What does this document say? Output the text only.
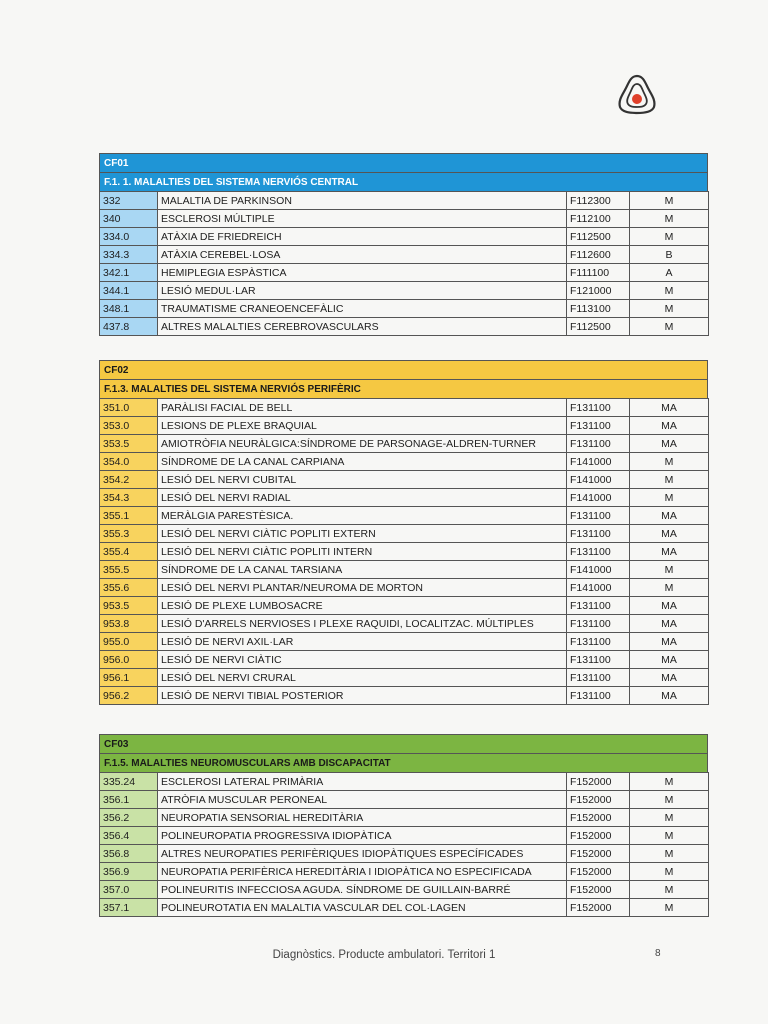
CF01
F.1. 1. MALALTIES DEL SISTEMA NERVIÓS CENTRAL
332	MALALTIA DE PARKINSON	F112300	M
340	ESCLEROSI MÚLTIPLE	F112100	M
334.0	ATÀXIA DE FRIEDREICH	F112500	M
334.3	ATÀXIA CEREBEL·LOSA	F112600	B
342.1	HEMIPLEGIA ESPÀSTICA	F111100	A
344.1	LESIÓ MEDUL·LAR	F121000	M
348.1	TRAUMATISME CRANEOENCEFÀLIC	F113100	M
437.8	ALTRES MALALTIES CEREBROVASCULARS	F112500	M
CF02
F.1.3. MALALTIES DEL SISTEMA NERVIÓS PERIFÈRIC
351.0	PARÀLISI FACIAL DE BELL	F131100	MA
353.0	LESIONS DE PLEXE BRAQUIAL	F131100	MA
353.5	AMIOTRÒFIA NEURÀLGICA:SÍNDROME DE PARSONAGE-ALDREN-TURNER	F131100	MA
354.0	SÍNDROME DE LA CANAL CARPIANA	F141000	M
354.2	LESIÓ DEL NERVI CUBITAL	F141000	M
354.3	LESIÓ DEL NERVI RADIAL	F141000	M
355.1	MERÀLGIA PARESTÈSICA.	F131100	MA
355.3	LESIÓ DEL NERVI CIÀTIC POPLITI EXTERN	F131100	MA
355.4	LESIÓ DEL NERVI CIÀTIC POPLITI INTERN	F131100	MA
355.5	SÍNDROME DE LA CANAL TARSIANA	F141000	M
355.6	LESIÓ DEL NERVI PLANTAR/NEUROMA DE MORTON	F141000	M
953.5	LESIÓ DE PLEXE LUMBOSACRE	F131100	MA
953.8	LESIÓ D'ARRELS NERVIOSES I PLEXE RAQUIDI, LOCALITZAC. MÚLTIPLES	F131100	MA
955.0	LESIÓ DE NERVI AXIL·LAR	F131100	MA
956.0	LESIÓ DE NERVI CIÀTIC	F131100	MA
956.1	LESIÓ DEL NERVI CRURAL	F131100	MA
956.2	LESIÓ DE NERVI TIBIAL POSTERIOR	F131100	MA
CF03
F.1.5. MALALTIES NEUROMUSCULARS AMB DISCAPACITAT
335.24	ESCLEROSI LATERAL PRIMÀRIA	F152000	M
356.1	ATRÒFIA MUSCULAR PERONEAL	F152000	M
356.2	NEUROPATIA SENSORIAL HEREDITÀRIA	F152000	M
356.4	POLINEUROPATIA PROGRESSIVA IDIOPÀTICA	F152000	M
356.8	ALTRES NEUROPATIES PERIFÈRIQUES IDIOPÀTIQUES ESPECÍFICADES	F152000	M
356.9	NEUROPATIA PERIFÈRICA HEREDITÀRIA I IDIOPÀTICA NO ESPECIFICADA	F152000	M
357.0	POLINEURITIS INFECCIOSA AGUDA. SÍNDROME DE GUILLAIN-BARRÉ	F152000	M
357.1	POLINEUROTATIA EN MALALTIA VASCULAR DEL COL·LAGEN	F152000	M
Diagnòstics. Producte ambulatori. Territori 1	8
